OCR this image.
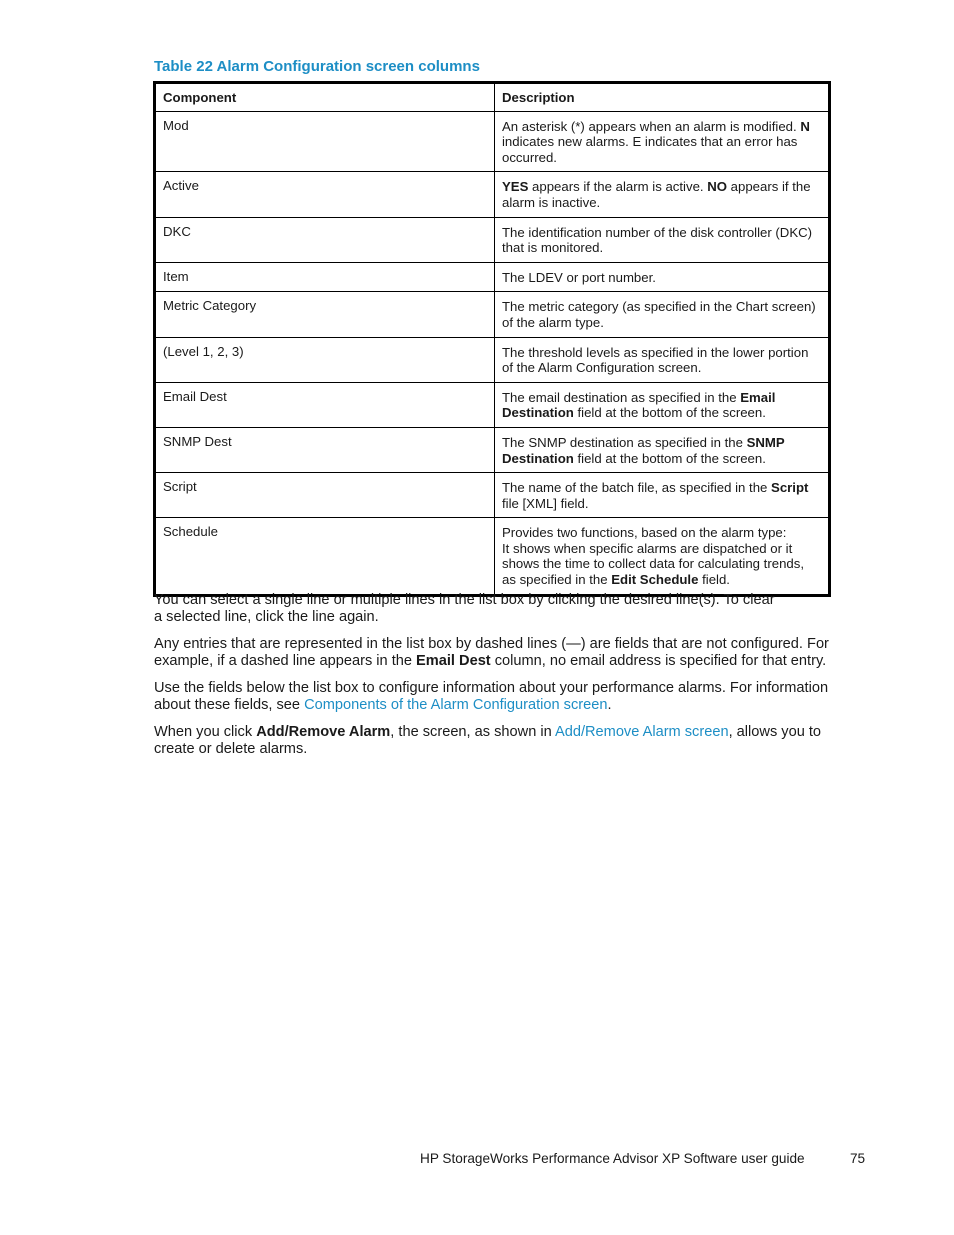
Table 22 Alarm Configuration screen columns
Component	Description
Mod	An asterisk (*) appears when an alarm is modified. N indicates new alarms. E indicates that an error has occurred.
Active	YES appears if the alarm is active. NO appears if the alarm is inactive.
DKC	The identification number of the disk controller (DKC) that is monitored.
Item	The LDEV or port number.
Metric Category	The metric category (as specified in the Chart screen) of the alarm type.
(Level 1, 2, 3)	The threshold levels as specified in the lower portion of the Alarm Configuration screen.
Email Dest	The email destination as specified in the Email Destination field at the bottom of the screen.
SNMP Dest	The SNMP destination as specified in the SNMP Destination field at the bottom of the screen.
Script	The name of the batch file, as specified in the Script file [XML] field.
Schedule	Provides two functions, based on the alarm type:
It shows when specific alarms are dispatched or it shows the time to collect data for calculating trends, as specified in the Edit Schedule field.

You can select a single line or multiple lines in the list box by clicking the desired line(s). To clear
a selected line, click the line again.

Any entries that are represented in the list box by dashed lines (—) are fields that are not configured. For example, if a dashed line appears in the Email Dest column, no email address is specified for that entry.

Use the fields below the list box to configure information about your performance alarms. For information about these fields, see Components of the Alarm Configuration screen.

When you click Add/Remove Alarm, the screen, as shown in Add/Remove Alarm screen, allows you to create or delete alarms.

HP StorageWorks Performance Advisor XP Software user guide	75
